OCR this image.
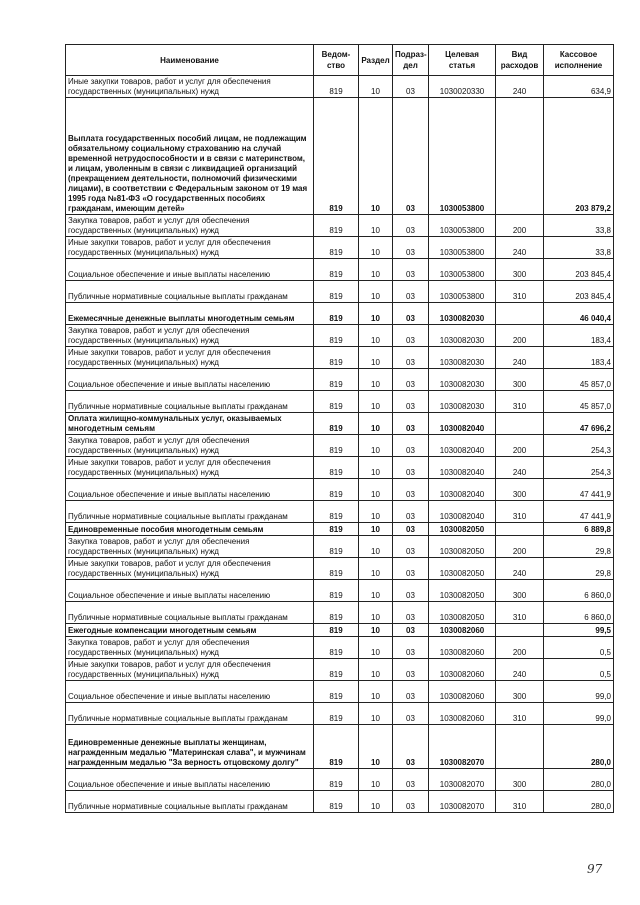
Наименование	Ведом-ство	Раздел	Подраз-дел	Целевая статья	Вид расходов	Кассовое исполнение
Иные закупки товаров, работ и услуг для обеспечения государственных (муниципальных) нужд	819	10	03	1030020330	240	634,9
Выплата государственных пособий лицам, не подлежащим обязательному социальному страхованию на случай временной нетрудоспособности и в связи с материнством, и лицам, уволенным в связи с ликвидацией организаций (прекращением деятельности, полномочий физическими лицами), в соответствии с Федеральным законом от 19 мая 1995 года №81-ФЗ «О государственных пособиях гражданам, имеющим детей»	819	10	03	1030053800		203 879,2
Закупка товаров, работ и услуг для обеспечения государственных (муниципальных) нужд	819	10	03	1030053800	200	33,8
Иные закупки товаров, работ и услуг для обеспечения государственных (муниципальных) нужд	819	10	03	1030053800	240	33,8
Социальное обеспечение и иные выплаты населению	819	10	03	1030053800	300	203 845,4
Публичные нормативные социальные выплаты гражданам	819	10	03	1030053800	310	203 845,4
Ежемесячные денежные выплаты многодетным семьям	819	10	03	1030082030		46 040,4
Закупка товаров, работ и услуг для обеспечения государственных (муниципальных) нужд	819	10	03	1030082030	200	183,4
Иные закупки товаров, работ и услуг для обеспечения государственных (муниципальных) нужд	819	10	03	1030082030	240	183,4
Социальное обеспечение и иные выплаты населению	819	10	03	1030082030	300	45 857,0
Публичные нормативные социальные выплаты гражданам	819	10	03	1030082030	310	45 857,0
Оплата жилищно-коммунальных услуг, оказываемых многодетным семьям	819	10	03	1030082040		47 696,2
Закупка товаров, работ и услуг для обеспечения государственных (муниципальных) нужд	819	10	03	1030082040	200	254,3
Иные закупки товаров, работ и услуг для обеспечения государственных (муниципальных) нужд	819	10	03	1030082040	240	254,3
Социальное обеспечение и иные выплаты населению	819	10	03	1030082040	300	47 441,9
Публичные нормативные социальные выплаты гражданам	819	10	03	1030082040	310	47 441,9
Единовременные пособия многодетным семьям	819	10	03	1030082050		6 889,8
Закупка товаров, работ и услуг для обеспечения государственных (муниципальных) нужд	819	10	03	1030082050	200	29,8
Иные закупки товаров, работ и услуг для обеспечения государственных (муниципальных) нужд	819	10	03	1030082050	240	29,8
Социальное обеспечение и иные выплаты населению	819	10	03	1030082050	300	6 860,0
Публичные нормативные социальные выплаты гражданам	819	10	03	1030082050	310	6 860,0
Ежегодные компенсации многодетным семьям	819	10	03	1030082060		99,5
Закупка товаров, работ и услуг для обеспечения государственных (муниципальных) нужд	819	10	03	1030082060	200	0,5
Иные закупки товаров, работ и услуг для обеспечения государственных (муниципальных) нужд	819	10	03	1030082060	240	0,5
Социальное обеспечение и иные выплаты населению	819	10	03	1030082060	300	99,0
Публичные нормативные социальные выплаты гражданам	819	10	03	1030082060	310	99,0
Единовременные денежные выплаты женщинам, награжденным медалью "Материнская слава", и мужчинам награжденным медалью "За верность отцовскому долгу"	819	10	03	1030082070		280,0
Социальное обеспечение и иные выплаты населению	819	10	03	1030082070	300	280,0
Публичные нормативные социальные выплаты гражданам	819	10	03	1030082070	310	280,0
97
